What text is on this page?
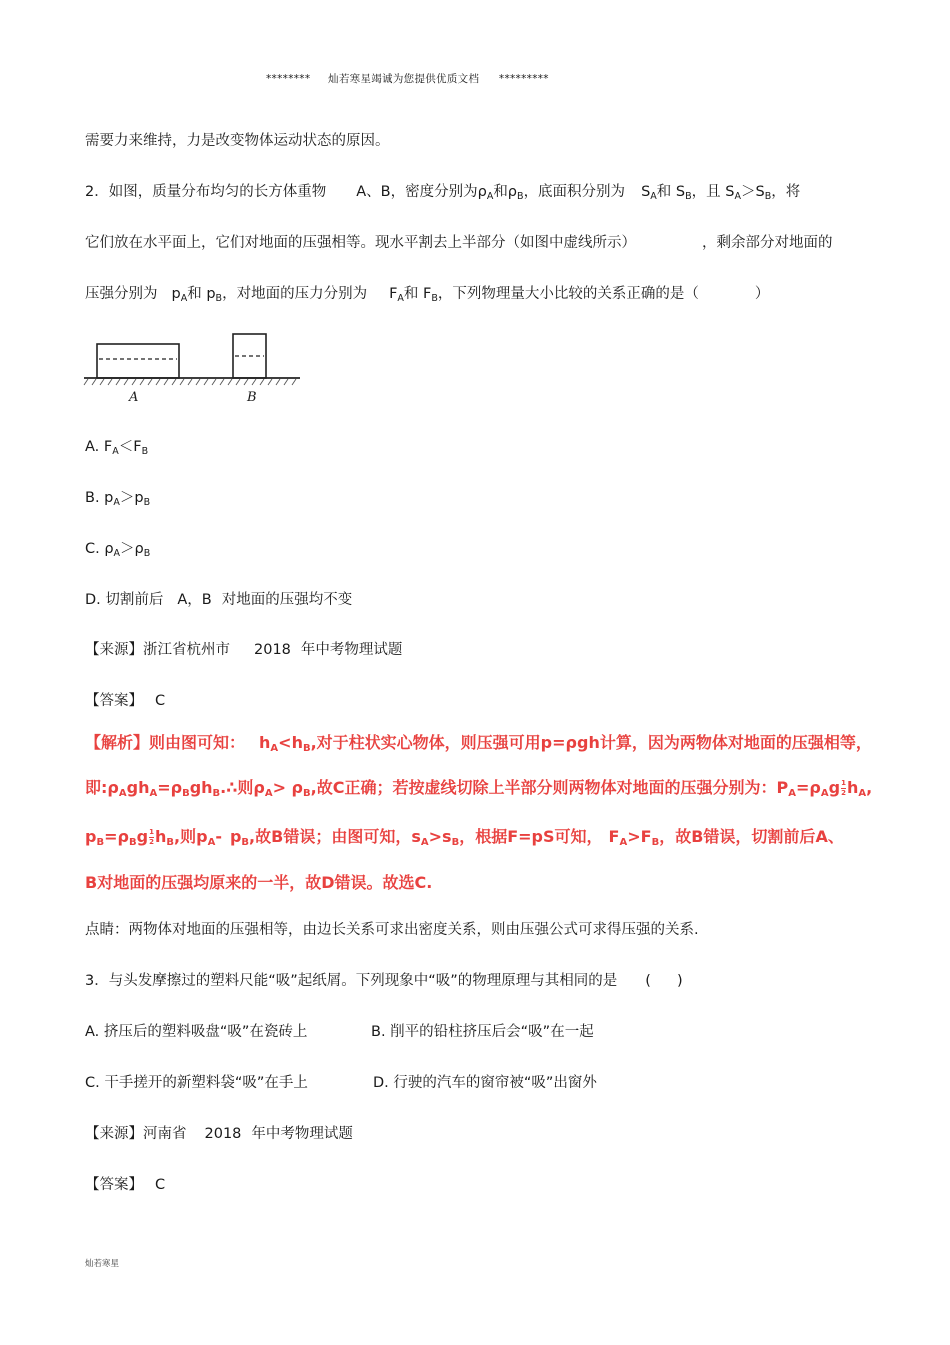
******** 灿若寒星竭诚为您提供优质文档 *********
需要力来维持，力是改变物体运动状态的原因。
2．如图，质量分布均匀的长方体重物 A、B，密度分别为$\rho_A$和$\rho_B$，底面积分别为 $S_A$和 $S_B$，且 $S_A>S_B$，将
它们放在水平面上，它们对地面的压强相等。现水平割去上半部分（如图中虚线所示）	，剩余部分对地面的
压强分别为 $p_A$和 $p_B$，对地面的压力分别为 $F_A$和 $F_B$，下列物理量大小比较的关系正确的是（	）
A	B
A. $F_A<F_B$
B. $p_A>p_B$
C. $\rho_A>\rho_B$
D. 切割前后 A，B 对地面的压强均不变
【来源】浙江省杭州市 2018 年中考物理试题
【答案】 C
【解析】则由图可知： hA<hB,对于柱状实心物体，则压强可用p=ρgh计算，因为两物体对地面的压强相等，
即:ρAghA=ρBghB.∴则ρA> ρB,故C正确；若按虚线切除上半部分则两物体对地面的压强分别为：$PA=\rho Ag \frac{1}{2}$ hA,
$pB=\rho Bg \frac{1}{2}$ hB,则pA- pB,故B错误；由图可知，sA>sB，根据F=pS可知， FA>FB，故B错误，切割前后A、
B对地面的压强均原来的一半，故D错误。故选C.
点睛：两物体对地面的压强相等，由边长关系可求出密度关系，则由压强公式可求得压强的关系.
3．与头发摩擦过的塑料尺能“吸”起纸屑。下列现象中“吸”的物理原理与其相同的是 ( )
A. 挤压后的塑料吸盘“吸”在瓷砖上	B. 削平的铅柱挤压后会“吸”在一起
C. 干手搓开的新塑料袋“吸”在手上	D. 行驶的汽车的窗帘被“吸”出窗外
【来源】河南省 2018 年中考物理试题
【答案】 C
灿若寒星
